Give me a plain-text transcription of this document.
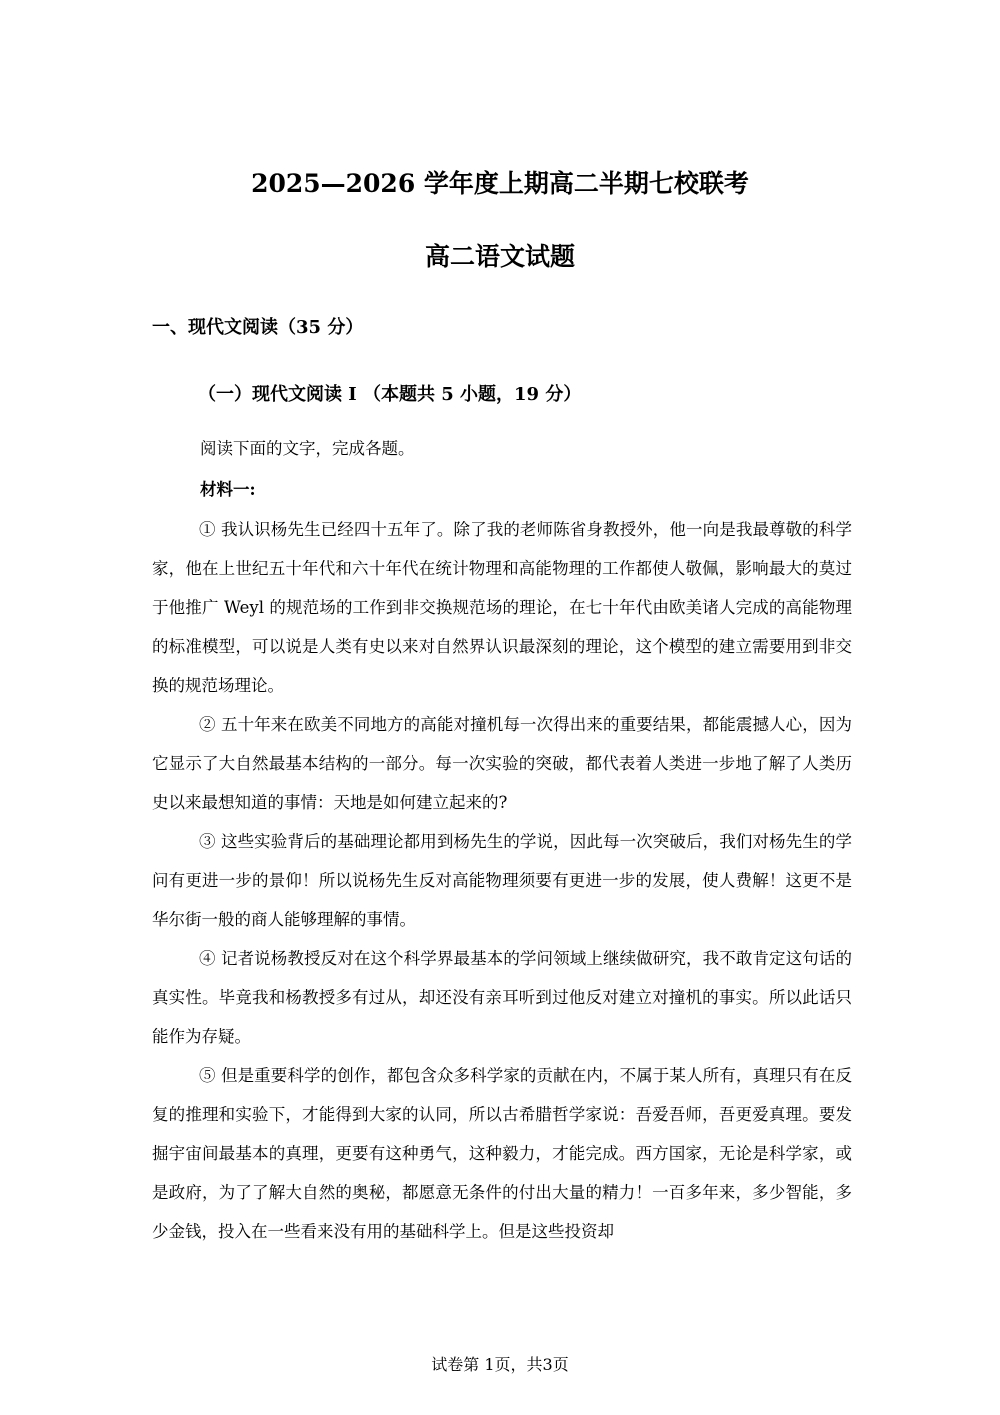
2025—2026 学年度上期高二半期七校联考
高二语文试题
一、现代文阅读（35 分）
（一）现代文阅读 I （本题共 5 小题，19 分）
阅读下面的文字，完成各题。
材料一:

① 我认识杨先生已经四十五年了。除了我的老师陈省身教授外，他一向是我最尊敬的科学家，他在上世纪五十年代和六十年代在统计物理和高能物理的工作都使人敬佩，影响最大的莫过于他推广 Weyl 的规范场的工作到非交换规范场的理论，在七十年代由欧美诸人完成的高能物理的标准模型，可以说是人类有史以来对自然界认识最深刻的理论，这个模型的建立需要用到非交换的规范场理论。

② 五十年来在欧美不同地方的高能对撞机每一次得出来的重要结果，都能震撼人心，因为它显示了大自然最基本结构的一部分。每一次实验的突破，都代表着人类进一步地了解了人类历史以来最想知道的事情：天地是如何建立起来的?

③ 这些实验背后的基础理论都用到杨先生的学说，因此每一次突破后，我们对杨先生的学问有更进一步的景仰！所以说杨先生反对高能物理须要有更进一步的发展，使人费解！这更不是华尔街一般的商人能够理解的事情。

④ 记者说杨教授反对在这个科学界最基本的学问领域上继续做研究，我不敢肯定这句话的真实性。毕竟我和杨教授多有过从，却还没有亲耳听到过他反对建立对撞机的事实。所以此话只能作为存疑。

⑤ 但是重要科学的创作，都包含众多科学家的贡献在内，不属于某人所有，真理只有在反复的推理和实验下，才能得到大家的认同，所以古希腊哲学家说：吾爱吾师，吾更爱真理。要发掘宇宙间最基本的真理，更要有这种勇气，这种毅力，才能完成。西方国家，无论是科学家，或是政府，为了了解大自然的奥秘，都愿意无条件的付出大量的精力！一百多年来，多少智能，多少金钱，投入在一些看来没有用的基础科学上。但是这些投资却

试卷第 1页，共3页
